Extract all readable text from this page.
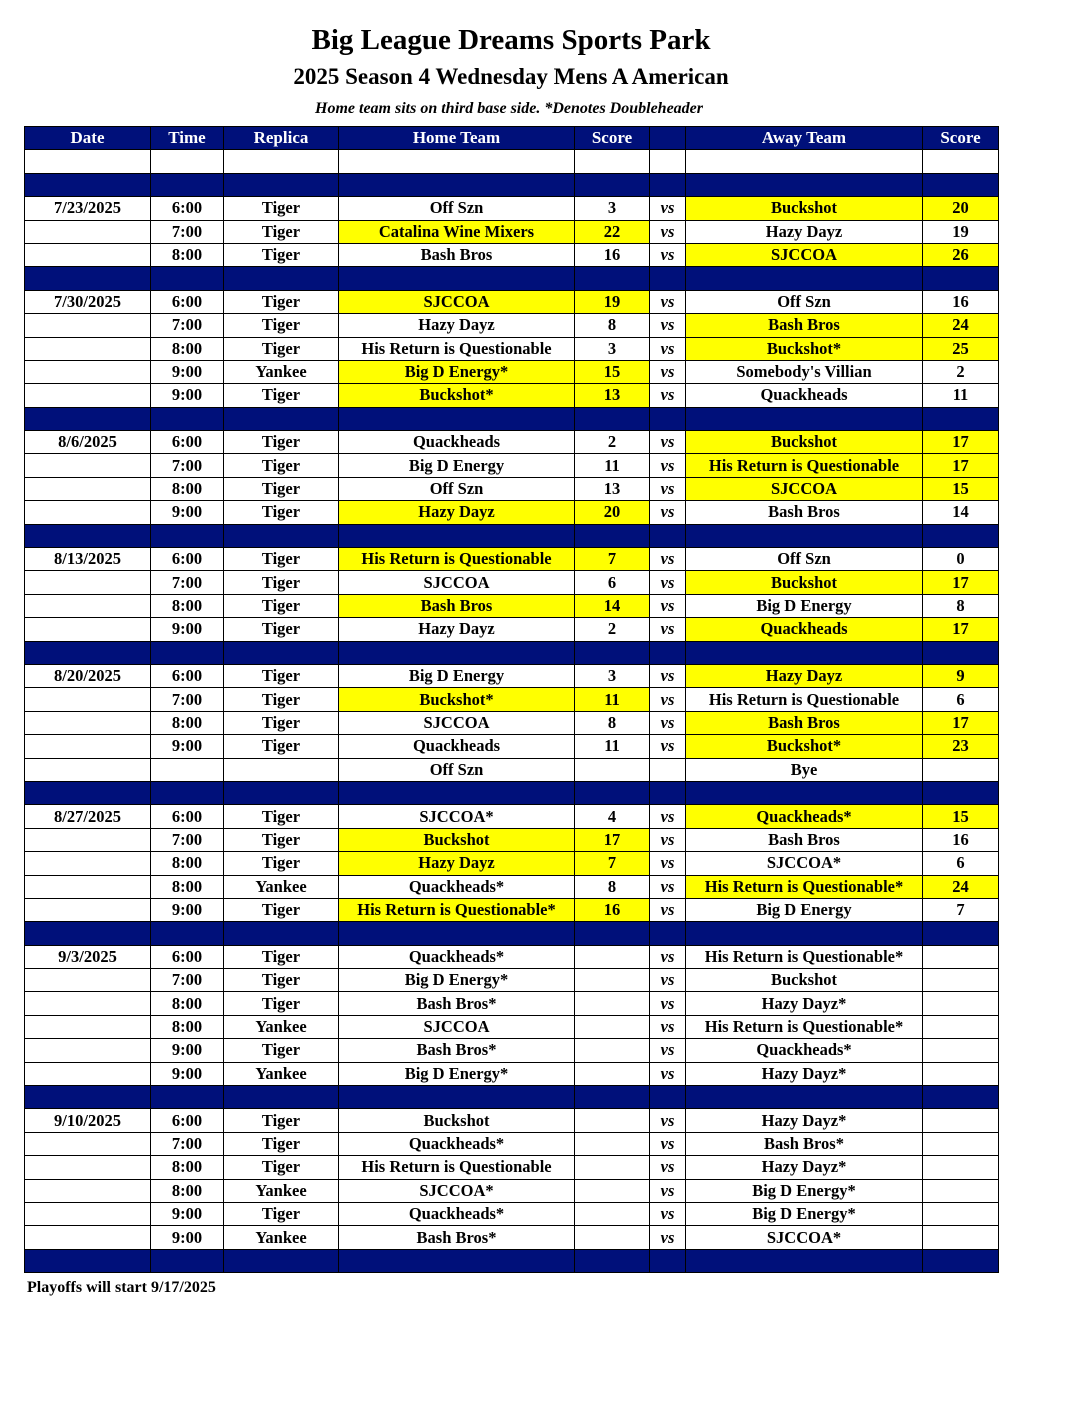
Big League Dreams Sports Park
2025 Season 4 Wednesday Mens A American
Home team sits on third base side. *Denotes Doubleheader
Date	Time	Replica	Home Team	Score		Away Team	Score

7/23/2025	6:00	Tiger	Off Szn	3	vs	Buckshot	20
	7:00	Tiger	Catalina Wine Mixers	22	vs	Hazy Dayz	19
	8:00	Tiger	Bash Bros	16	vs	SJCCOA	26

7/30/2025	6:00	Tiger	SJCCOA	19	vs	Off Szn	16
	7:00	Tiger	Hazy Dayz	8	vs	Bash Bros	24
	8:00	Tiger	His Return is Questionable	3	vs	Buckshot*	25
	9:00	Yankee	Big D Energy*	15	vs	Somebody's Villian	2
	9:00	Tiger	Buckshot*	13	vs	Quackheads	11

8/6/2025	6:00	Tiger	Quackheads	2	vs	Buckshot	17
	7:00	Tiger	Big D Energy	11	vs	His Return is Questionable	17
	8:00	Tiger	Off Szn	13	vs	SJCCOA	15
	9:00	Tiger	Hazy Dayz	20	vs	Bash Bros	14

8/13/2025	6:00	Tiger	His Return is Questionable	7	vs	Off Szn	0
	7:00	Tiger	SJCCOA	6	vs	Buckshot	17
	8:00	Tiger	Bash Bros	14	vs	Big D Energy	8
	9:00	Tiger	Hazy Dayz	2	vs	Quackheads	17

8/20/2025	6:00	Tiger	Big D Energy	3	vs	Hazy Dayz	9
	7:00	Tiger	Buckshot*	11	vs	His Return is Questionable	6
	8:00	Tiger	SJCCOA	8	vs	Bash Bros	17
	9:00	Tiger	Quackheads	11	vs	Buckshot*	23
			Off Szn			Bye	

8/27/2025	6:00	Tiger	SJCCOA*	4	vs	Quackheads*	15
	7:00	Tiger	Buckshot	17	vs	Bash Bros	16
	8:00	Tiger	Hazy Dayz	7	vs	SJCCOA*	6
	8:00	Yankee	Quackheads*	8	vs	His Return is Questionable*	24
	9:00	Tiger	His Return is Questionable*	16	vs	Big D Energy	7

9/3/2025	6:00	Tiger	Quackheads*		vs	His Return is Questionable*	
	7:00	Tiger	Big D Energy*		vs	Buckshot	
	8:00	Tiger	Bash Bros*		vs	Hazy Dayz*	
	8:00	Yankee	SJCCOA		vs	His Return is Questionable*	
	9:00	Tiger	Bash Bros*		vs	Quackheads*	
	9:00	Yankee	Big D Energy*		vs	Hazy Dayz*	

9/10/2025	6:00	Tiger	Buckshot		vs	Hazy Dayz*	
	7:00	Tiger	Quackheads*		vs	Bash Bros*	
	8:00	Tiger	His Return is Questionable		vs	Hazy Dayz*	
	8:00	Yankee	SJCCOA*		vs	Big D Energy*	
	9:00	Tiger	Quackheads*		vs	Big D Energy*	
	9:00	Yankee	Bash Bros*		vs	SJCCOA*	

Playoffs will start 9/17/2025
